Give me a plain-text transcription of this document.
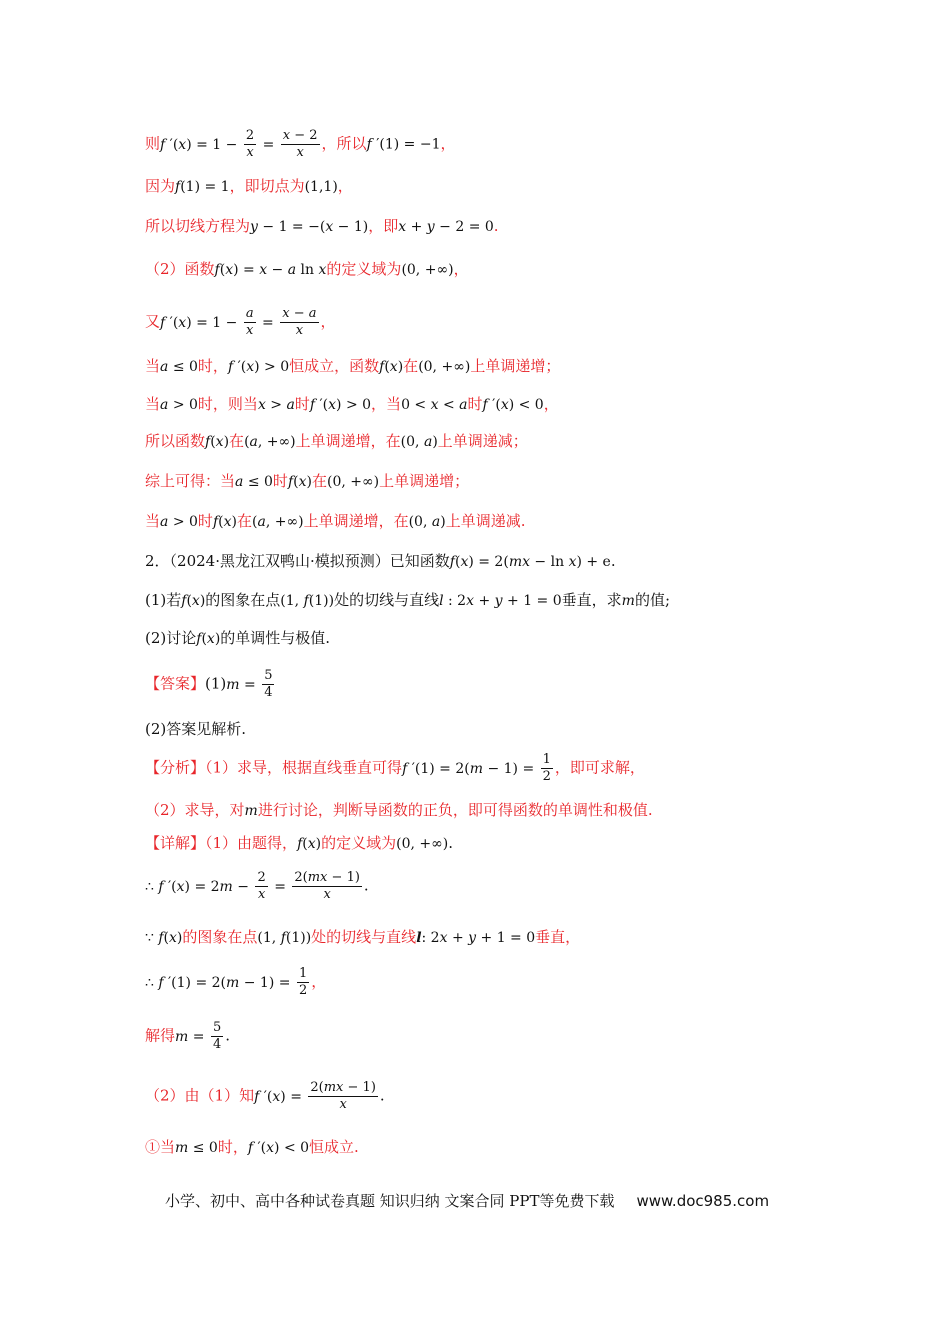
则f $'(x) = 1 - \frac{2}{x} = \frac{x - 2}{x}$ ，所以f ′(1) = −1，
因为f(1) = 1，即切点为(1,1)，
所以切线方程为y − 1 = −(x − 1)，即x + y − 2 = 0.
（2）函数f(x) = x − a ln x的定义域为(0, +∞)，
又f $'(x) = 1 - \frac{a}{x} = \frac{x - a}{x}$ ，
当a ≤ 0时，f ′(x) > 0恒成立，函数f(x)在(0, +∞)上单调递增；
当a > 0时，则当x > a时f ′(x) > 0，当0 < x < a时f ′(x) < 0，
所以函数f(x)在(a, +∞)上单调递增，在(0, a)上单调递减；
综上可得：当a ≤ 0时f(x)在(0, +∞)上单调递增；
当a > 0时f(x)在(a, +∞)上单调递增，在(0, a)上单调递减.
2．（2024·黑龙江双鸭山·模拟预测）已知函数f(x) = 2(mx − ln x) + e.
(1)若f(x)的图象在点(1, f(1))处的切线与直线l : 2x + y + 1 = 0垂直，求m的值;
(2)讨论f(x)的单调性与极值.
【答案】$(1)m = \frac{5}{4}$
(2)答案见解析.
【分析】（1）求导，根据直线垂直可得f $'(1) = 2(m - 1) = \frac{1}{2}$ ，即可求解，
（2）求导，对m进行讨论，判断导函数的正负，即可得函数的单调性和极值.
【详解】（1）由题得，f(x)的定义域为(0, +∞).
∴ f $'(x) = 2m - \frac{2}{x} = \frac{2(mx - 1)}{x}$ .
∵ f(x)的图象在点(1, f(1))处的切线与直线l: 2x + y + 1 = 0垂直，
∴ f $'(1) = 2(m - 1) = \frac{1}{2}$ ，
解得$m = \frac{5}{4}$ .
（2）由（1）知f $'(x) = \frac{2(mx - 1)}{x}$ .
①当m ≤ 0时，f ′(x) < 0恒成立.
小学、初中、高中各种试卷真题 知识归纳 文案合同 PPT等免费下载 www.doc985.com
